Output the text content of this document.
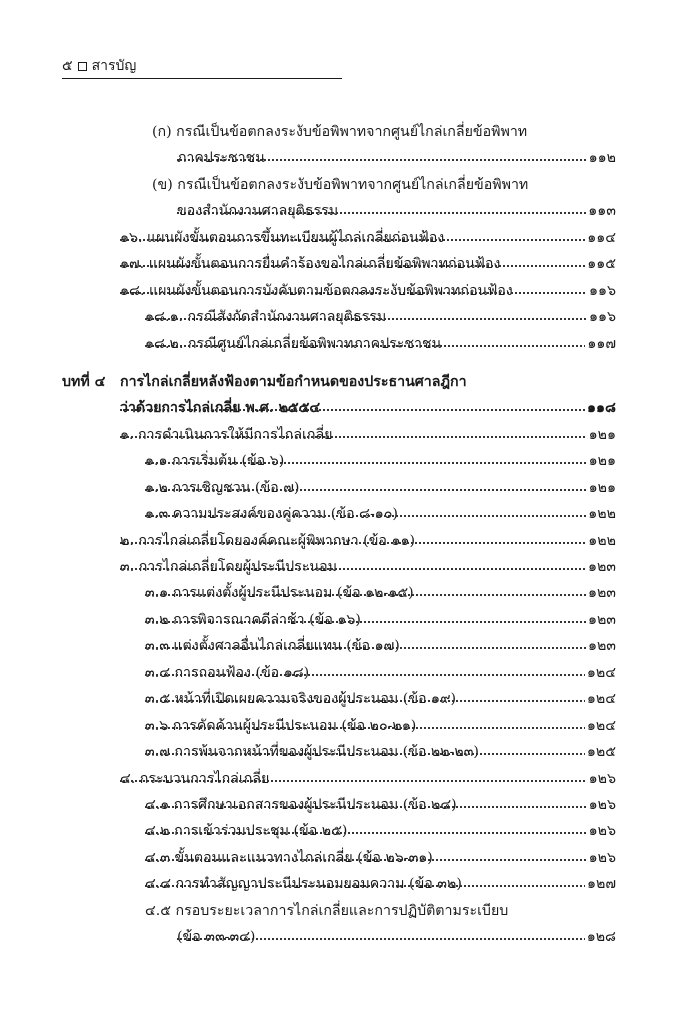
๕ สารบัญ
(ก) กรณีเป็นข้อตกลงระงับข้อพิพาทจากศูนย์ไกล่เกลี่ยข้อพิพาท
ภาคประชาชน	๑๑๒
(ข) กรณีเป็นข้อตกลงระงับข้อพิพาทจากศูนย์ไกล่เกลี่ยข้อพิพาท
ของสำนักงานศาลยุติธรรม	๑๑๓
๑๖. แผนผังขั้นตอนการขึ้นทะเบียนผู้ไกล่เกลี่ยก่อนฟ้อง	๑๑๔
๑๗. แผนผังขั้นตอนการยื่นคำร้องขอไกล่เกลี่ยข้อพิพาทก่อนฟ้อง	๑๑๕
๑๘. แผนผังขั้นตอนการบังคับตามข้อตกลงระงับข้อพิพาทก่อนฟ้อง	๑๑๖
๑๘.๑. กรณีสังกัดสำนักงานศาลยุติธรรม	๑๑๖
๑๘.๒. กรณีศูนย์ไกล่เกลี่ยข้อพิพาทภาคประชาชน	๑๑๗
บทที่ ๔ การไกล่เกลี่ยหลังฟ้องตามข้อกำหนดของประธานศาลฎีกา
ว่าด้วยการไกล่เกลี่ย พ.ศ. ๒๕๕๔	๑๑๘
๑. การดำเนินการให้มีการไกล่เกลี่ย	๑๒๑
๑.๑ การเริ่มต้น (ข้อ ๖)	๑๒๑
๑.๒ การเชิญชวน (ข้อ ๗)	๑๒๑
๑.๓ ความประสงค์ของคู่ความ (ข้อ ๘-๑๐)	๑๒๒
๒. การไกล่เกลี่ยโดยองค์คณะผู้พิพากษา (ข้อ ๑๑)	๑๒๒
๓. การไกล่เกลี่ยโดยผู้ประนีประนอม	๑๒๓
๓.๑ การแต่งตั้งผู้ประนีประนอม (ข้อ ๑๒-๑๕)	๑๒๓
๓.๒ การพิจารณาคดีล่าช้า (ข้อ ๑๖)	๑๒๓
๓.๓ แต่งตั้งศาลอื่นไกล่เกลี่ยแทน (ข้อ ๑๗)	๑๒๓
๓.๔ การถอนฟ้อง (ข้อ ๑๘)	๑๒๔
๓.๕ หน้าที่เปิดเผยความจริงของผู้ประนอม (ข้อ ๑๙)	๑๒๔
๓.๖ การคัดค้านผู้ประนีประนอม (ข้อ ๒๐-๒๑)	๑๒๔
๓.๗ การพ้นจากหน้าที่ของผู้ประนีประนอม (ข้อ ๒๒-๒๓)	๑๒๕
๔. กระบวนการไกล่เกลี่ย	๑๒๖
๔.๑ การศึกษาเอกสารของผู้ประนีประนอม (ข้อ ๒๔)	๑๒๖
๔.๒ การเข้าร่วมประชุม (ข้อ ๒๕)	๑๒๖
๔.๓ ขั้นตอนและแนวทางไกล่เกลี่ย (ข้อ ๒๖-๓๑)	๑๒๖
๔.๔ การทำสัญญาประนีประนอมยอมความ (ข้อ ๓๒)	๑๒๗
๔.๕ กรอบระยะเวลาการไกล่เกลี่ยและการปฏิบัติตามระเบียบ
(ข้อ ๓๓-๓๔)	๑๒๘
